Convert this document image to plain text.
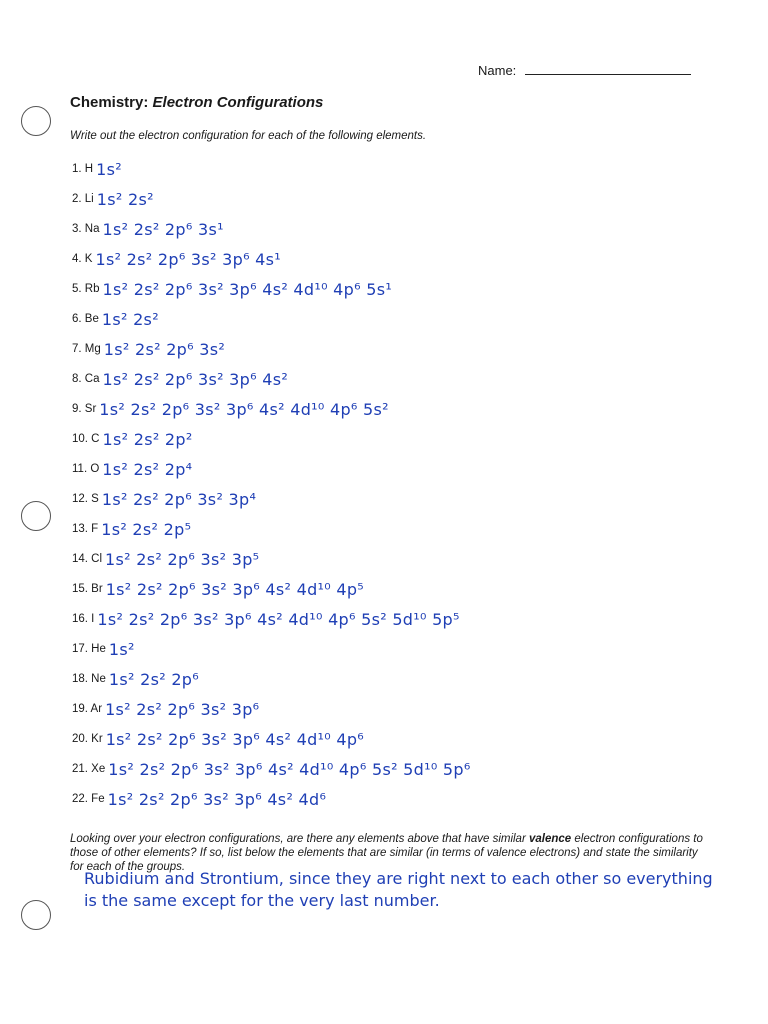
Name:
Chemistry: Electron Configurations
Write out the electron configuration for each of the following elements.
1. H 1s²
2. Li 1s² 2s²
3. Na 1s² 2s² 2p⁶ 3s¹
4. K 1s² 2s² 2p⁶ 3s² 3p⁶ 4s¹
5. Rb 1s² 2s² 2p⁶ 3s² 3p⁶ 4s² 4d¹⁰ 4p⁶ 5s¹
6. Be 1s² 2s²
7. Mg 1s² 2s² 2p⁶ 3s²
8. Ca 1s² 2s² 2p⁶ 3s² 3p⁶ 4s²
9. Sr 1s² 2s² 2p⁶ 3s² 3p⁶ 4s² 4d¹⁰ 4p⁶ 5s²
10. C 1s² 2s² 2p²
11. O 1s² 2s² 2p⁴
12. S 1s² 2s² 2p⁶ 3s² 3p⁴
13. F 1s² 2s² 2p⁵
14. Cl 1s² 2s² 2p⁶ 3s² 3p⁵
15. Br 1s² 2s² 2p⁶ 3s² 3p⁶ 4s² 4d¹⁰ 4p⁵
16. I 1s² 2s² 2p⁶ 3s² 3p⁶ 4s² 4d¹⁰ 4p⁶ 5s² 5d¹⁰ 5p⁵
17. He 1s²
18. Ne 1s² 2s² 2p⁶
19. Ar 1s² 2s² 2p⁶ 3s² 3p⁶
20. Kr 1s² 2s² 2p⁶ 3s² 3p⁶ 4s² 4d¹⁰ 4p⁶
21. Xe 1s² 2s² 2p⁶ 3s² 3p⁶ 4s² 4d¹⁰ 4p⁶ 5s² 5d¹⁰ 5p⁶
22. Fe 1s² 2s² 2p⁶ 3s² 3p⁶ 4s² 4d⁶
Looking over your electron configurations, are there any elements above that have similar valence electron configurations to those of other elements? If so, list below the elements that are similar (in terms of valence electrons) and state the similarity for each of the groups.
Rubidium and Strontium, since they are right next to each other so everything
is the same except for the very last number.
